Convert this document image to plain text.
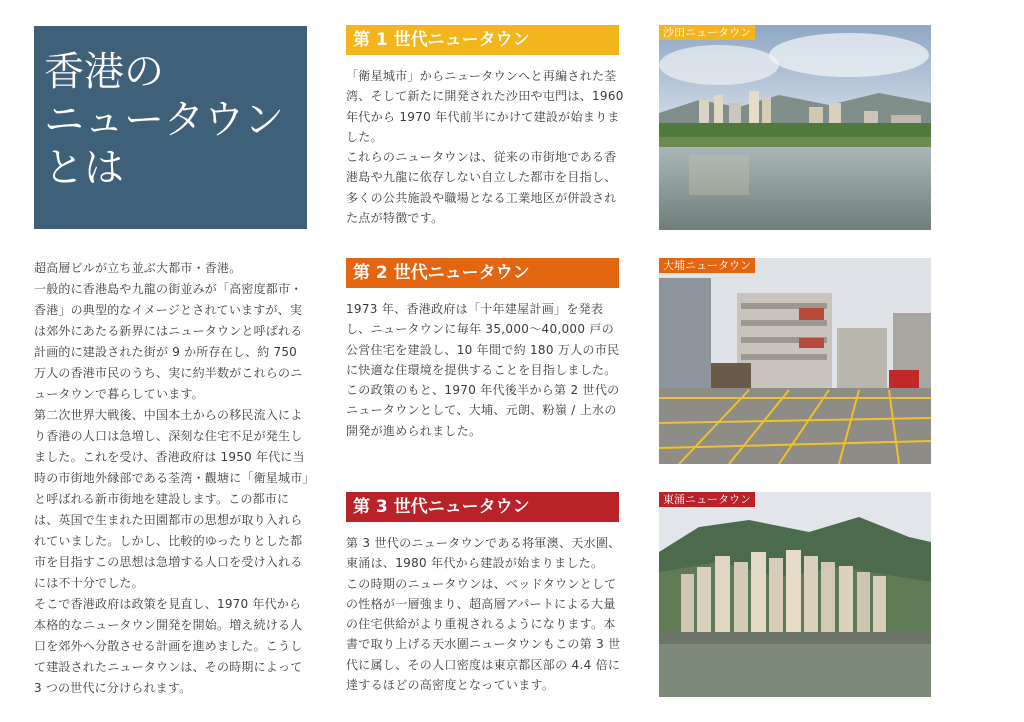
香港の
ニュータウン
とは

超高層ビルが立ち並ぶ大都市・香港。

一般的に香港島や九龍の街並みが「高密度都市・香港」の典型的なイメージとされていますが、実は郊外にあたる新界にはニュータウンと呼ばれる計画的に建設された街が 9 か所存在し、約 750 万人の香港市民のうち、実に約半数がこれらのニュータウンで暮らしています。

第二次世界大戦後、中国本土からの移民流入により香港の人口は急増し、深刻な住宅不足が発生しました。これを受け、香港政府は 1950 年代に当時の市街地外縁部である荃湾・觀塘に「衛星城市」と呼ばれる新市街地を建設します。この都市には、英国で生まれた田園都市の思想が取り入れられていました。しかし、比較的ゆったりとした都市を目指すこの思想は急増する人口を受け入れるには不十分でした。

そこで香港政府は政策を見直し、1970 年代から本格的なニュータウン開発を開始。増え続ける人口を郊外へ分散させる計画を進めました。こうして建設されたニュータウンは、その時期によって 3 つの世代に分けられます。

第 1 世代ニュータウン

「衛星城市」からニュータウンへと再編された荃湾、そして新たに開発された沙田や屯門は、1960 年代から 1970 年代前半にかけて建設が始まりました。

これらのニュータウンは、従来の市街地である香港島や九龍に依存しない自立した都市を目指し、多くの公共施設や職場となる工業地区が併設された点が特徴です。

沙田ニュータウン
第 2 世代ニュータウン

1973 年、香港政府は「十年建屋計画」を発表し、ニュータウンに毎年 35,000～40,000 戸の公営住宅を建設し、10 年間で約 180 万人の市民に快適な住環境を提供することを目指しました。

この政策のもと、1970 年代後半から第 2 世代のニュータウンとして、大埔、元朗、粉嶺 / 上水の開発が進められました。

大埔ニュータウン
第 3 世代ニュータウン

第 3 世代のニュータウンである将軍澳、天水圍、東涌は、1980 年代から建設が始まりました。

この時期のニュータウンは、ベッドタウンとしての性格が一層強まり、超高層アパートによる大量の住宅供給がより重視されるようになります。本書で取り上げる天水圍ニュータウンもこの第 3 世代に属し、その人口密度は東京都区部の 4.4 倍に達するほどの高密度となっています。

東涌ニュータウン
